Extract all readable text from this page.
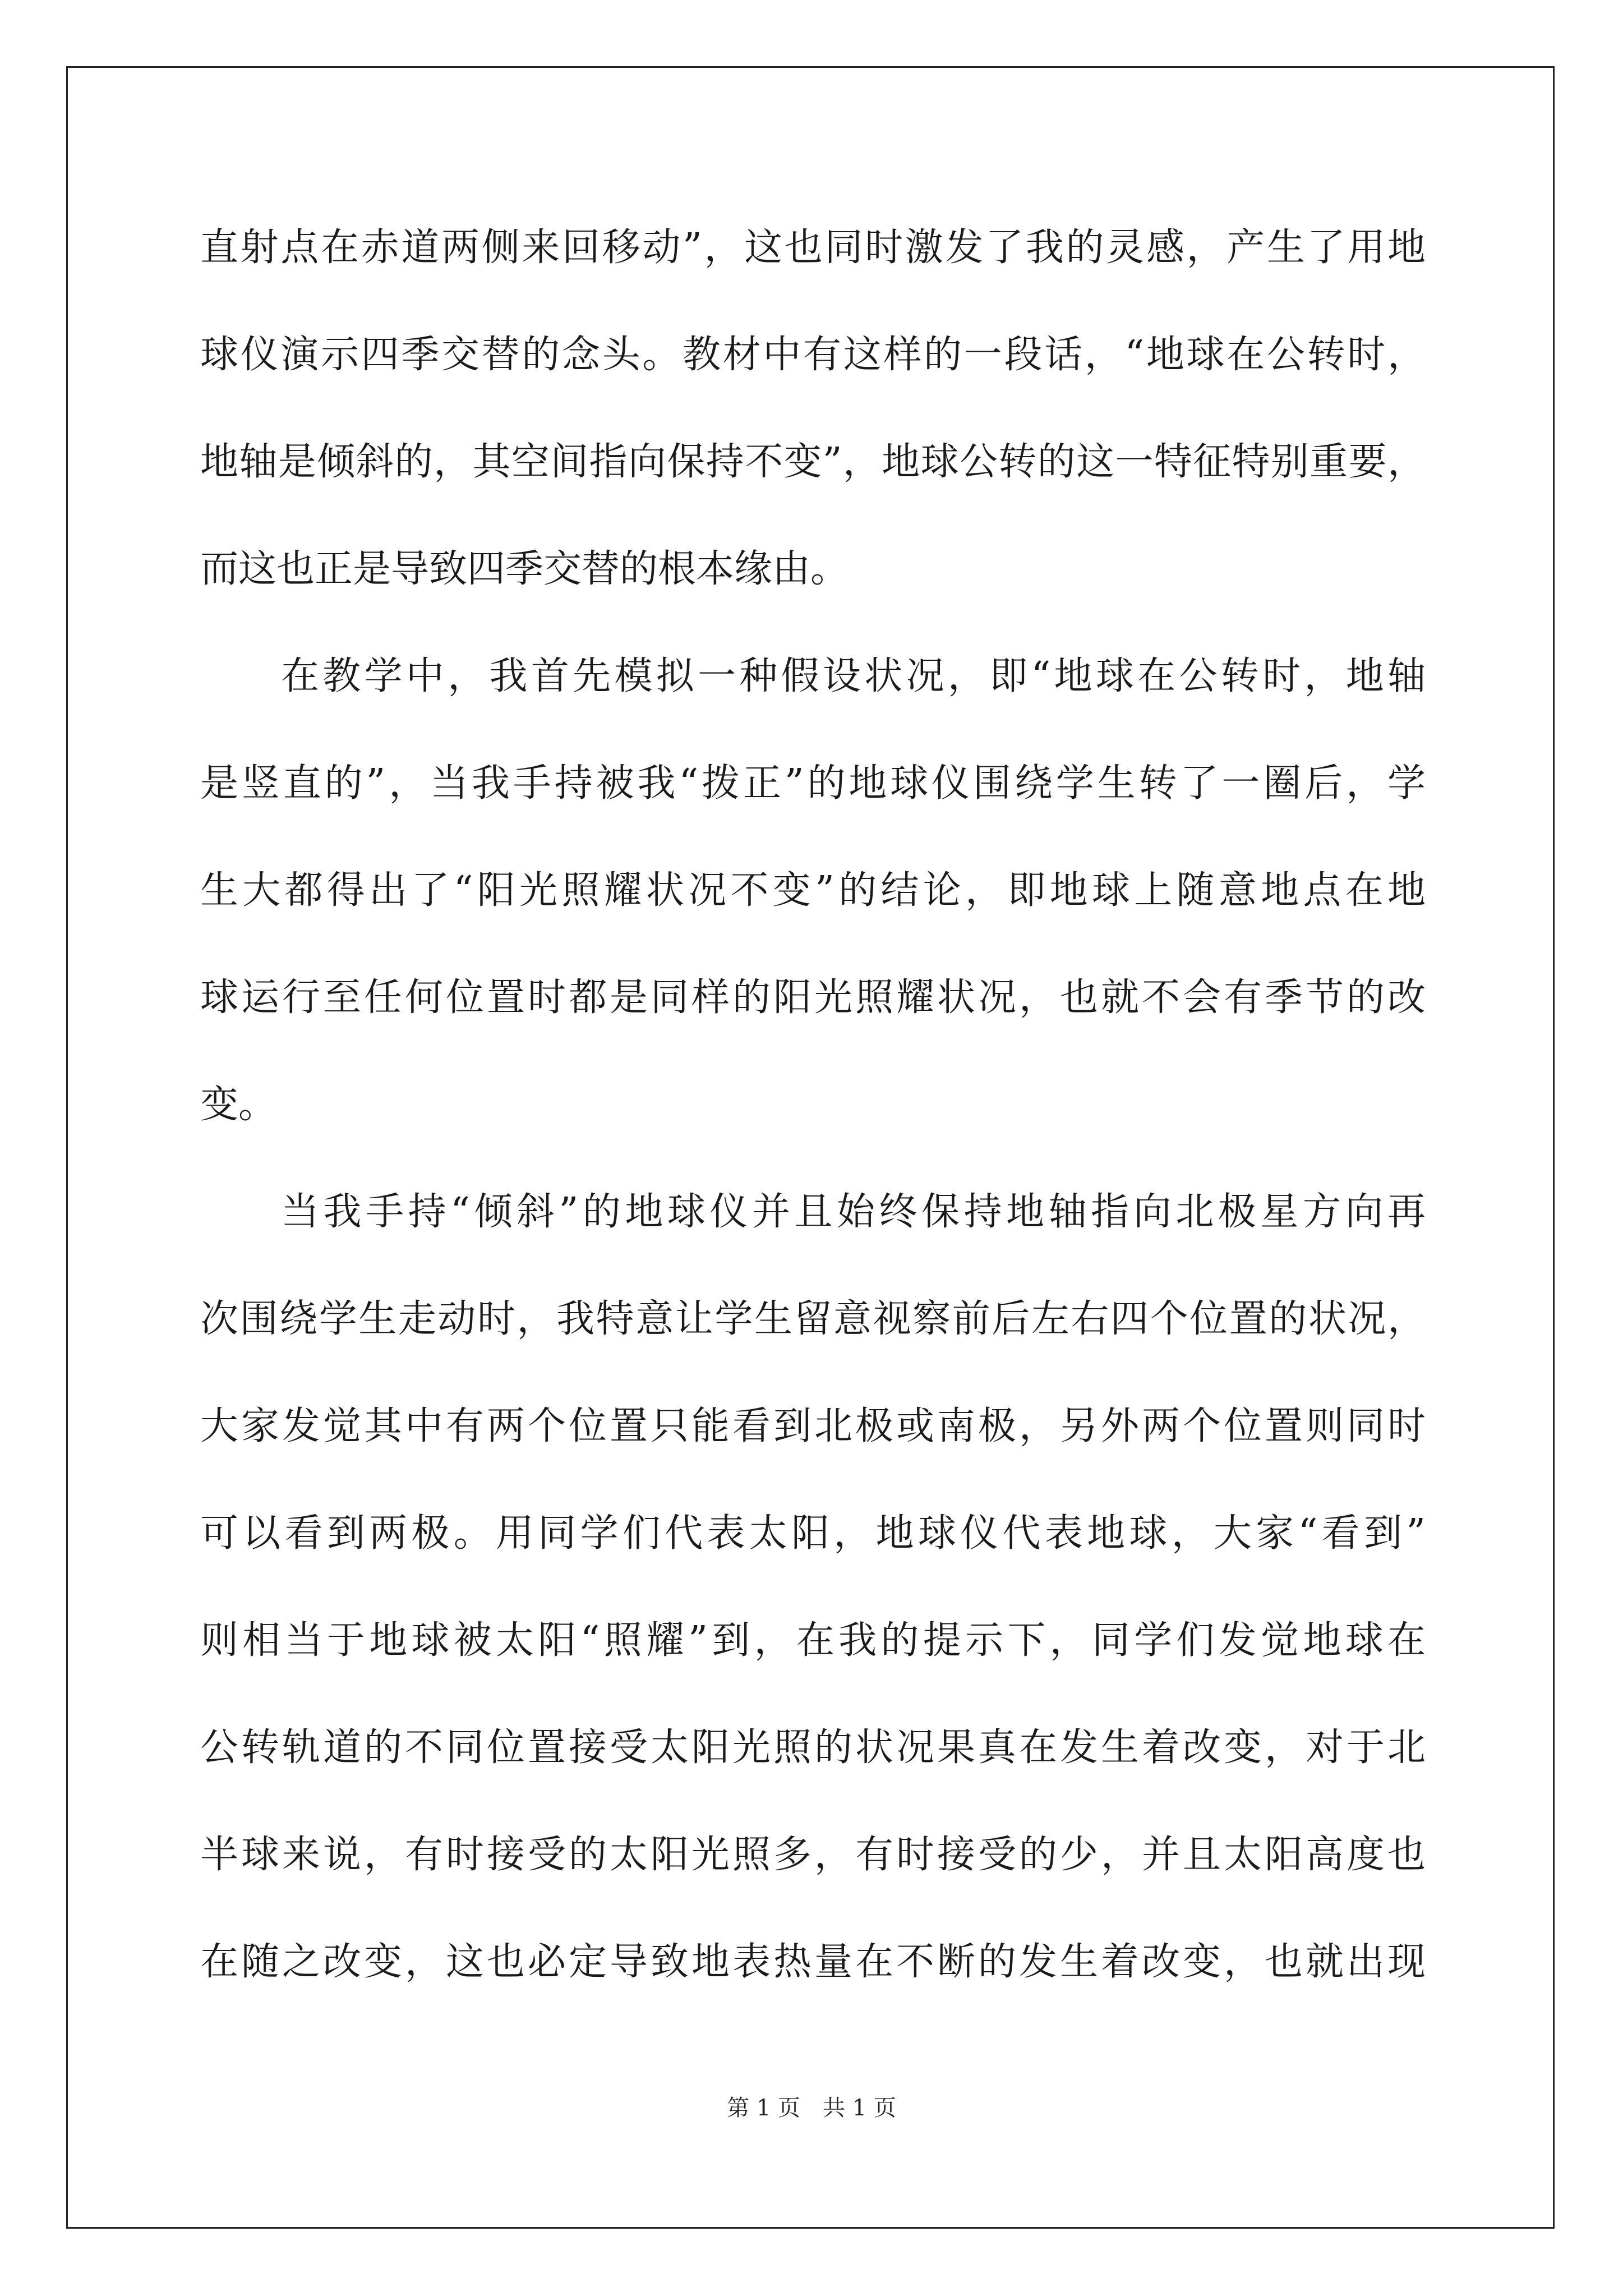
直射点在赤道两侧来回移动”，这也同时激发了我的灵感，产生了用地
球仪演示四季交替的念头。教材中有这样的一段话，“地球在公转时，
地轴是倾斜的，其空间指向保持不变”，地球公转的这一特征特别重要，
而这也正是导致四季交替的根本缘由。
在教学中，我首先模拟一种假设状况，即“地球在公转时，地轴
是竖直的”，当我手持被我“拨正”的地球仪围绕学生转了一圈后，学
生大都得出了“阳光照耀状况不变”的结论，即地球上随意地点在地
球运行至任何位置时都是同样的阳光照耀状况，也就不会有季节的改
变。
当我手持“倾斜”的地球仪并且始终保持地轴指向北极星方向再
次围绕学生走动时，我特意让学生留意视察前后左右四个位置的状况，
大家发觉其中有两个位置只能看到北极或南极，另外两个位置则同时
可以看到两极。用同学们代表太阳，地球仪代表地球，大家“看到”
则相当于地球被太阳“照耀”到，在我的提示下，同学们发觉地球在
公转轨道的不同位置接受太阳光照的状况果真在发生着改变，对于北
半球来说，有时接受的太阳光照多，有时接受的少，并且太阳高度也
在随之改变，这也必定导致地表热量在不断的发生着改变，也就出现
第 1 页　共 1 页
